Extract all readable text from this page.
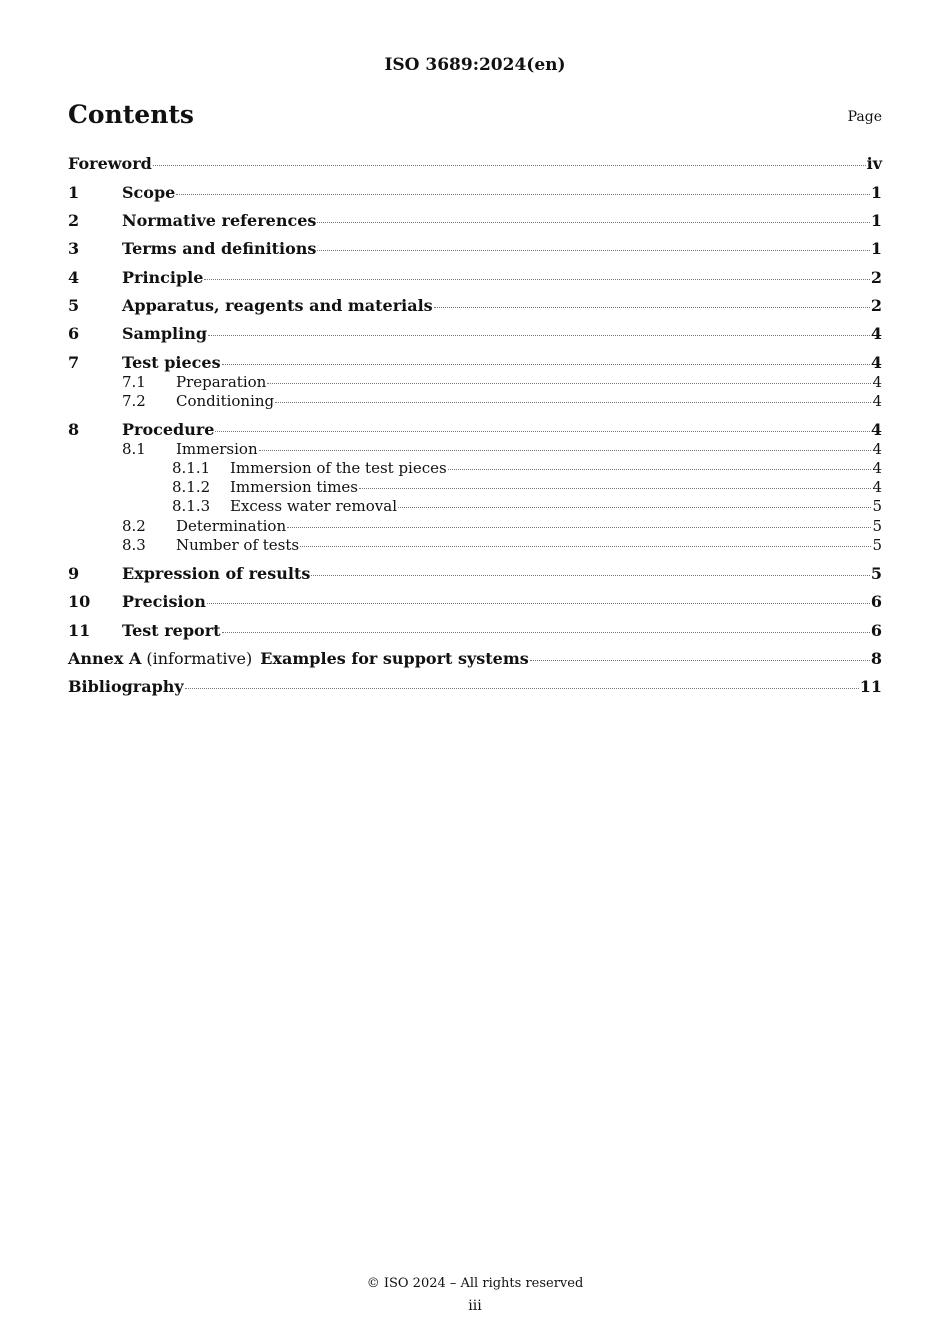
ISO 3689:2024(en)
Contents	Page
Foreword	iv
1	Scope	1
2	Normative references	1
3	Terms and definitions	1
4	Principle	2
5	Apparatus, reagents and materials	2
6	Sampling	4
7	Test pieces	4
7.1	Preparation	4
7.2	Conditioning	4
8	Procedure	4
8.1	Immersion	4
8.1.1	Immersion of the test pieces	4
8.1.2	Immersion times	4
8.1.3	Excess water removal	5
8.2	Determination	5
8.3	Number of tests	5
9	Expression of results	5
10	Precision	6
11	Test report	6
Annex A (informative) Examples for support systems	8
Bibliography	11
© ISO 2024 – All rights reserved
iii
